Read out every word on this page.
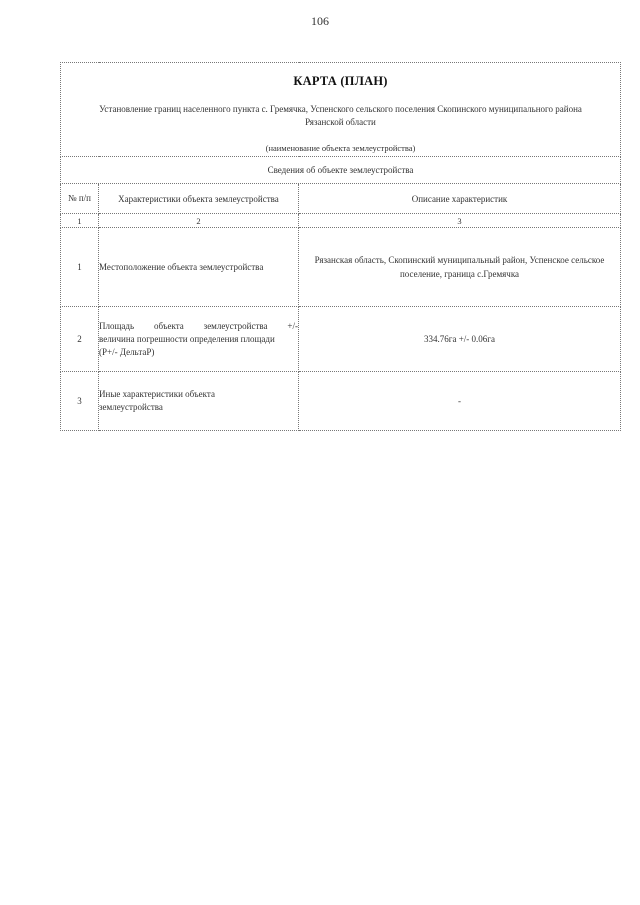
106
КАРТА (ПЛАН)
Установление границ населенного пункта с. Гремячка, Успенского сельского поселения Скопинского муниципального района Рязанской области
(наименование объекта землеустройства)		

Сведения об объекте землеустройства		
№ п/п	Характеристики объекта землеустройства	Описание характеристик
1	2	3
1	Местоположение объекта землеустройства	Рязанская область, Скопинский муниципальный район, Успенское сельское поселение, граница с.Гремячка
2	Площадь объекта землеустройства +/-
величина погрешности определения площади
(Р+/- ДельтаР)	334.76га +/- 0.06га
3	Иные характеристики объекта землеустройства	-
